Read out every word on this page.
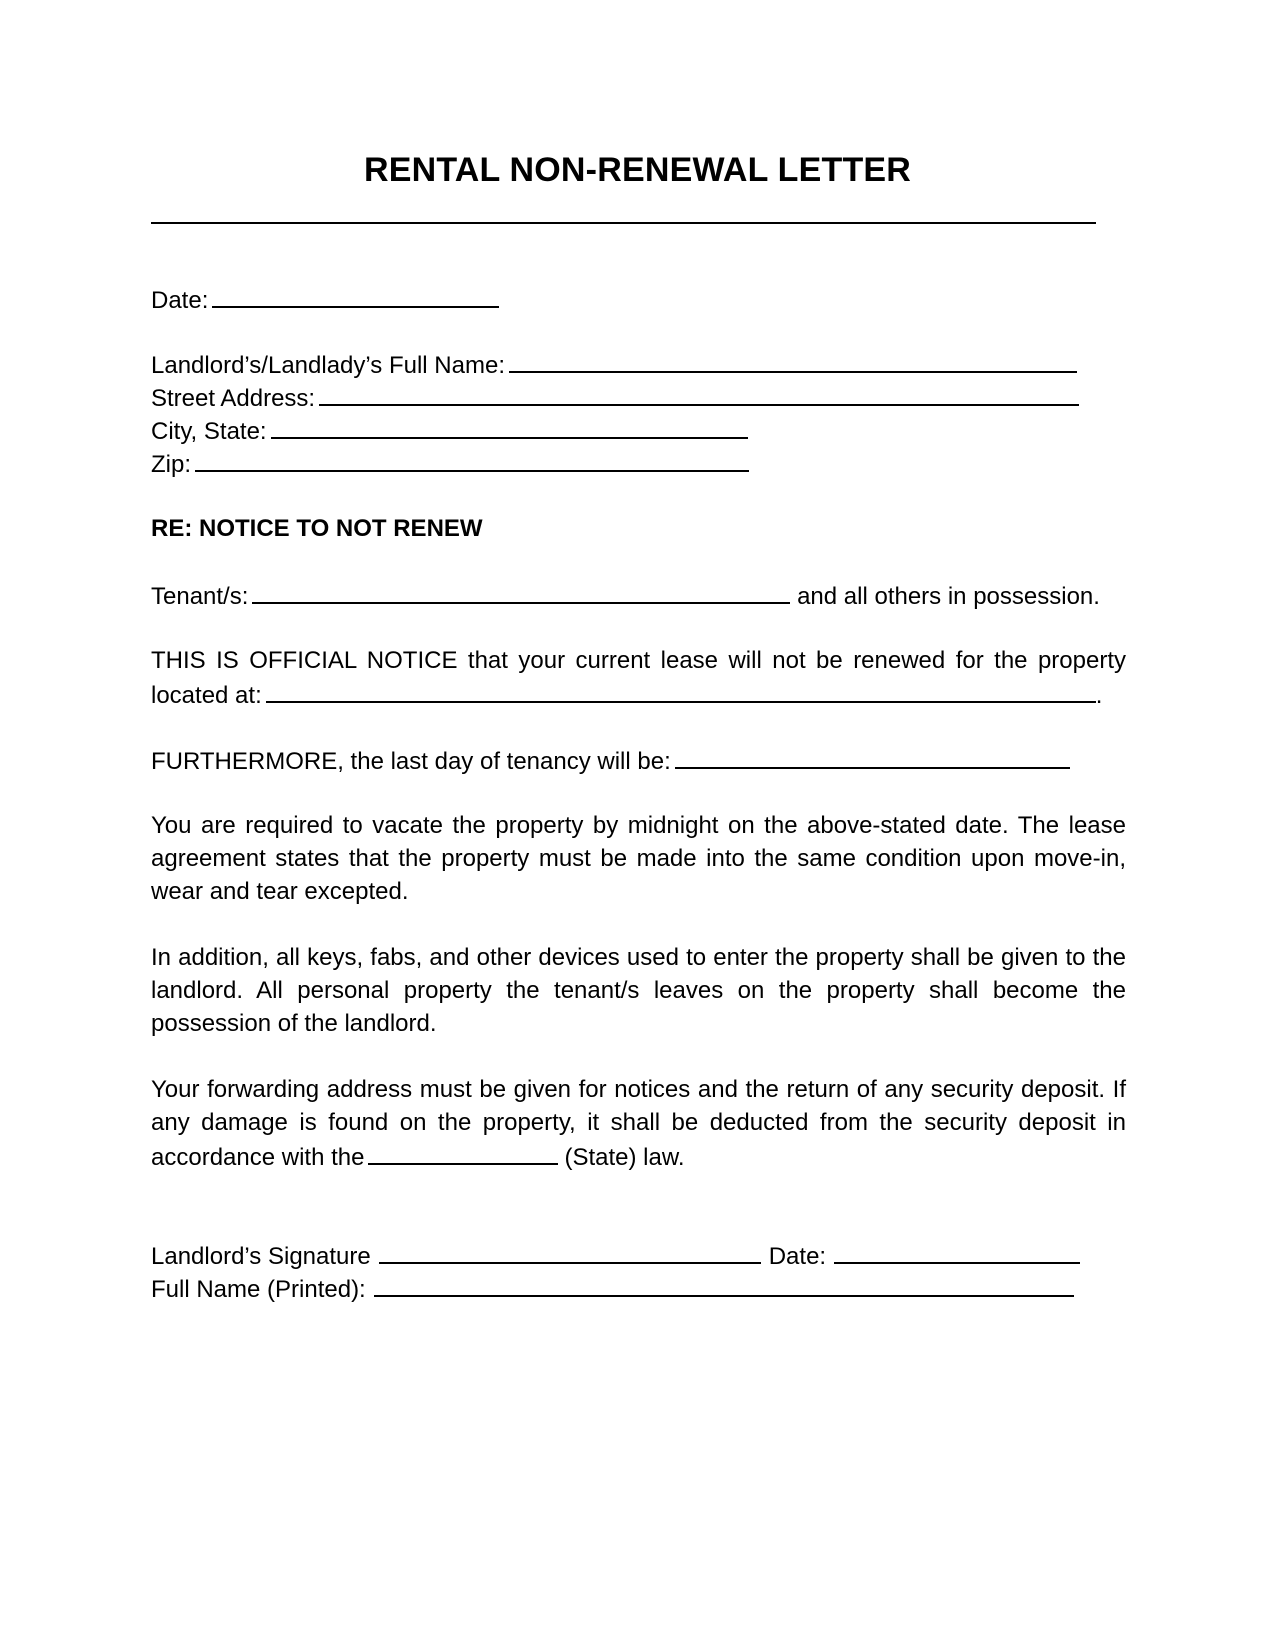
RENTAL NON-RENEWAL LETTER
Date:
Landlord’s/Landlady’s Full Name:
Street Address:
City, State:
Zip:
RE: NOTICE TO NOT RENEW
Tenant/s:	and all others in possession.
THIS IS OFFICIAL NOTICE that your current lease will not be renewed for the property
located at:	.
FURTHERMORE, the last day of tenancy will be:
You are required to vacate the property by midnight on the above-stated date. The lease agreement states that the property must be made into the same condition upon move-in, wear and tear excepted.
In addition, all keys, fabs, and other devices used to enter the property shall be given to the landlord. All personal property the tenant/s leaves on the property shall become the possession of the landlord.
Your forwarding address must be given for notices and the return of any security deposit. If any damage is found on the property, it shall be deducted from the security deposit in accordance with the	(State) law.
Landlord’s Signature	Date:
Full Name (Printed):
